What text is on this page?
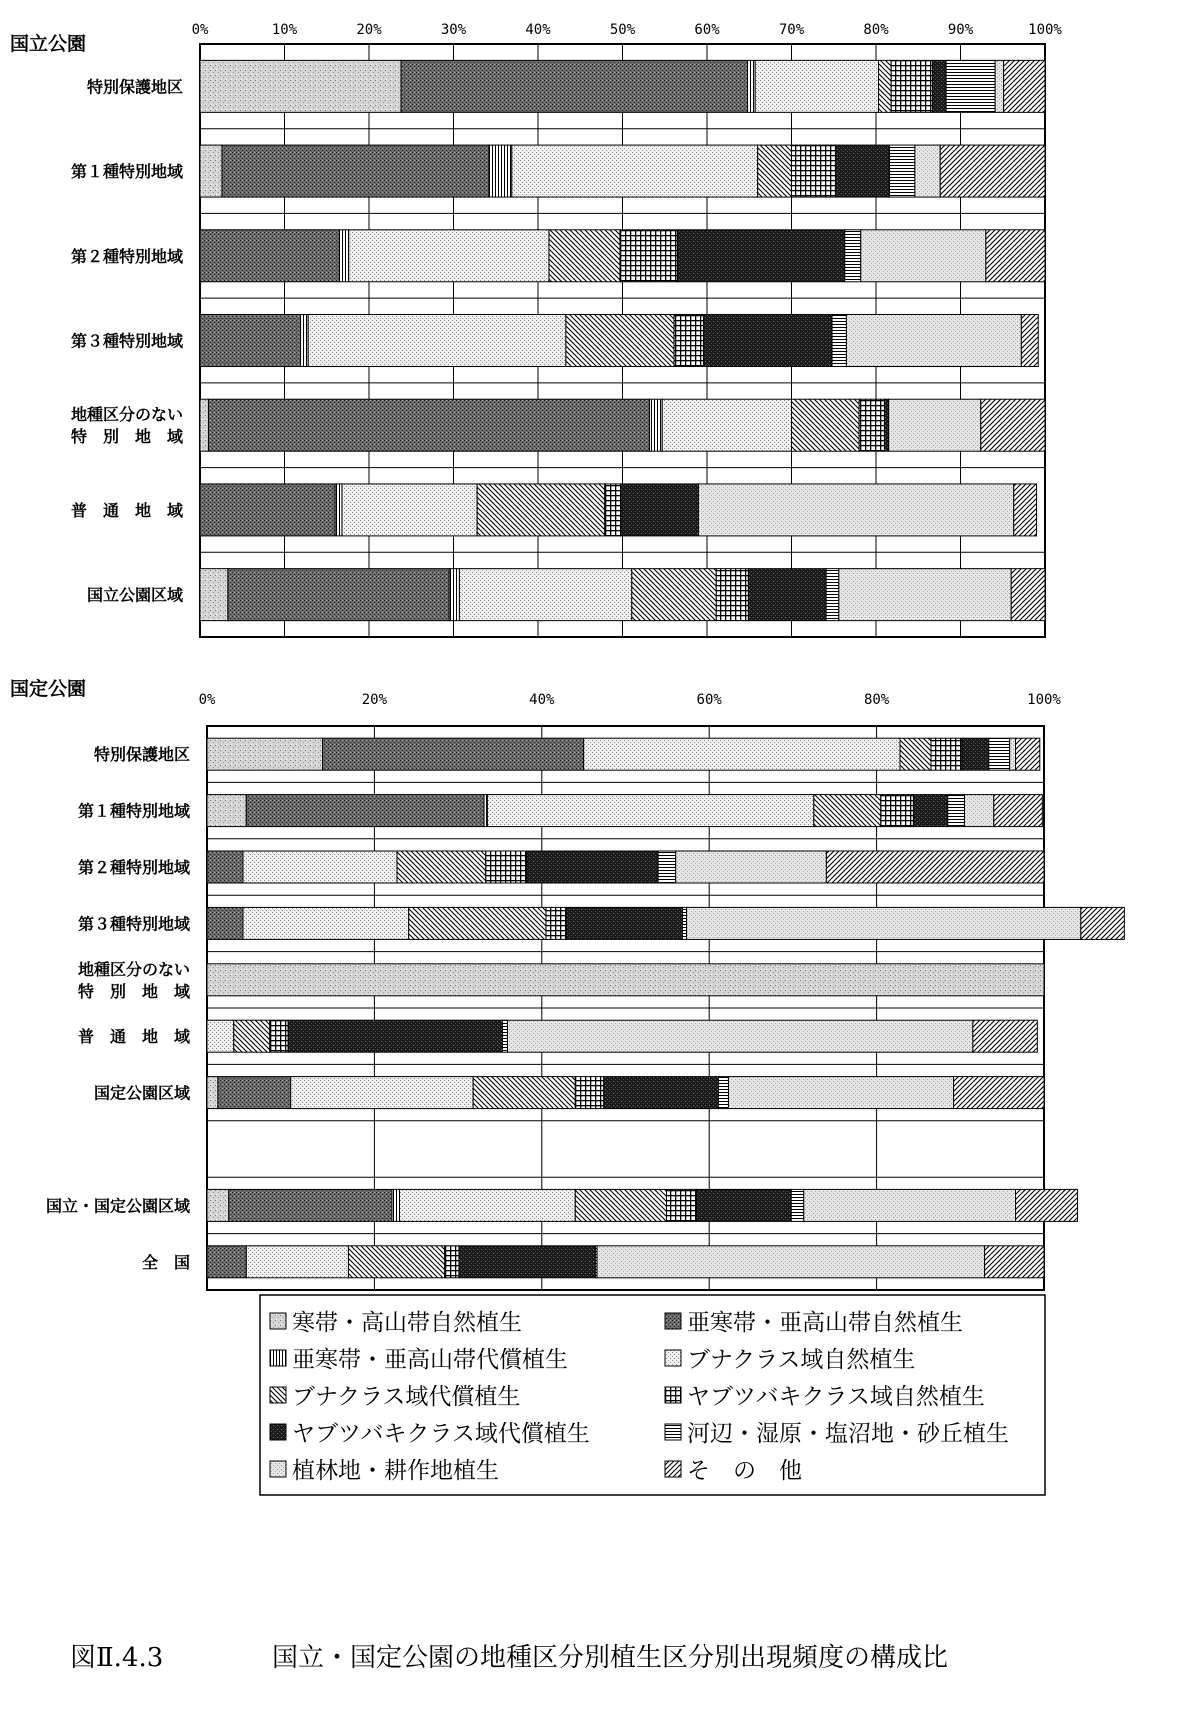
国立公園
0%	10%	20%	30%	40%	50%	60%	70%	80%	90%	100%
特別保護地区
第１種特別地域
第２種特別地域
第３種特別地域
地種区分のない
特　別　地　域
普　通　地　域
国立公園区域
国定公園	0%	20%	40%	60%	80%	100%
特別保護地区
第１種特別地域
第２種特別地域
第３種特別地域
地種区分のない
特　別　地　域
普　通　地　域
国定公園区域
国立・国定公園区域
全　国
寒帯・高山帯自然植生	亜寒帯・亜高山帯自然植生
亜寒帯・亜高山帯代償植生	ブナクラス域自然植生
ブナクラス域代償植生	ヤブツバキクラス域自然植生
ヤブツバキクラス域代償植生	河辺・湿原・塩沼地・砂丘植生
植林地・耕作地植生	そ　の　他
図Ⅱ.4.3	国立・国定公園の地種区分別植生区分別出現頻度の構成比
